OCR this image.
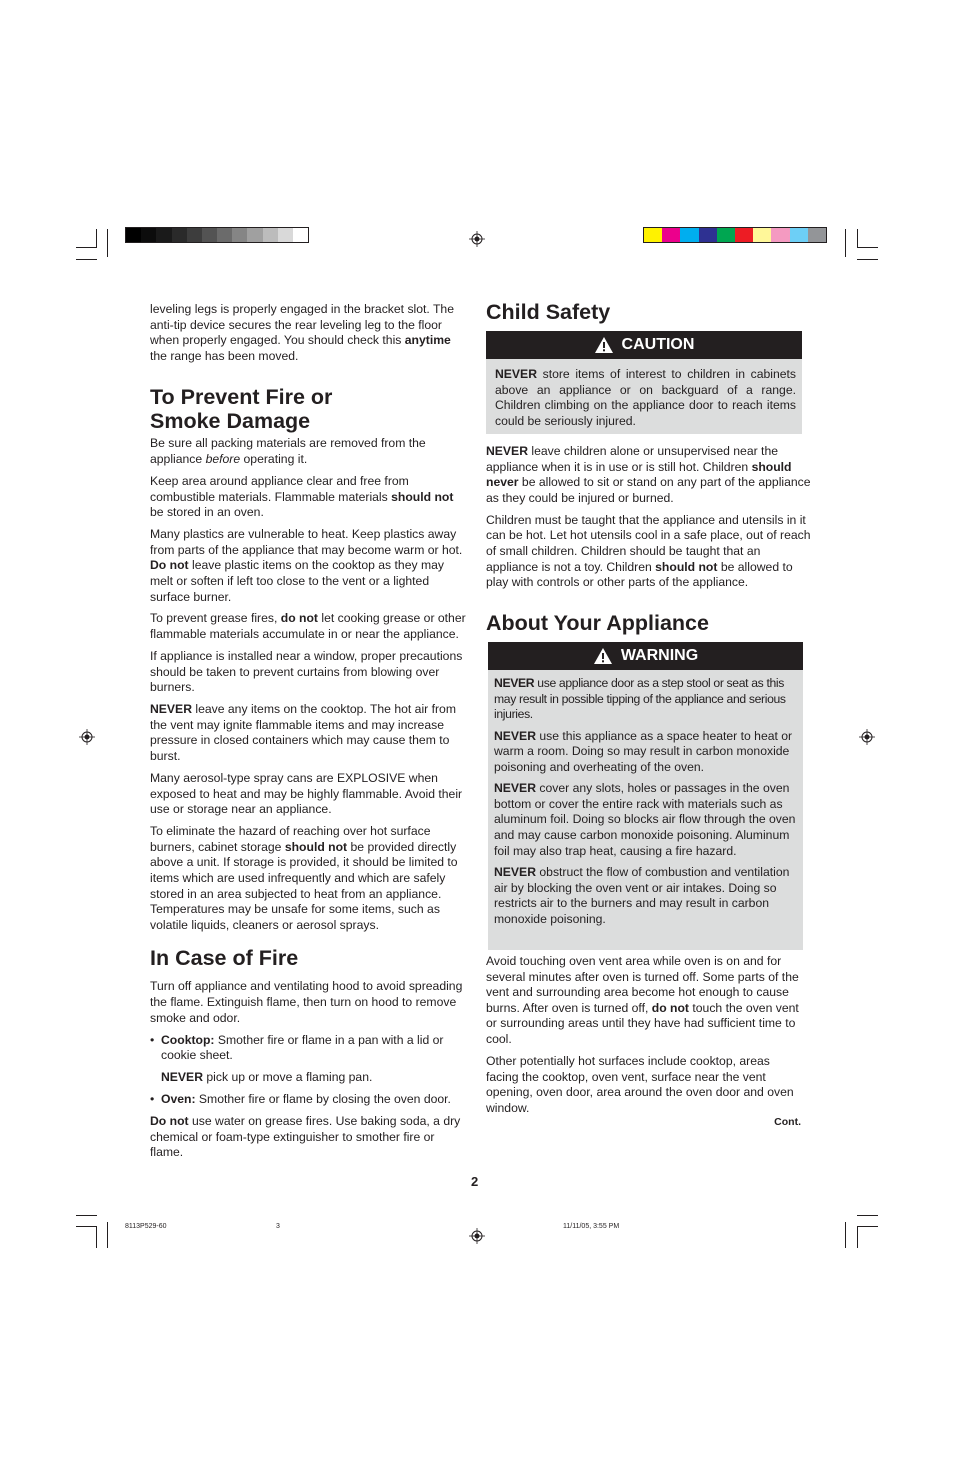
leveling legs is properly engaged in the bracket slot. The anti-tip device secures the rear leveling leg to the floor when properly engaged. You should check this anytime the range has been moved.

To Prevent Fire or
Smoke Damage

Be sure all packing materials are removed from the appliance before operating it.

Keep area around appliance clear and free from combustible materials. Flammable materials should not be stored in an oven.

Many plastics are vulnerable to heat. Keep plastics away from parts of the appliance that may become warm or hot. Do not leave plastic items on the cooktop as they may melt or soften if left too close to the vent or a lighted surface burner.

To prevent grease fires, do not let cooking grease or other flammable materials accumulate in or near the appliance.

If appliance is installed near a window, proper precautions should be taken to prevent curtains from blowing over burners.

NEVER leave any items on the cooktop. The hot air from the vent may ignite flammable items and may increase pressure in closed containers which may cause them to burst.

Many aerosol-type spray cans are EXPLOSIVE when exposed to heat and may be highly flammable. Avoid their use or storage near an appliance.

To eliminate the hazard of reaching over hot surface burners, cabinet storage should not be provided directly above a unit. If storage is provided, it should be limited to items which are used infrequently and which are safely stored in an area subjected to heat from an appliance. Temperatures may be unsafe for some items, such as volatile liquids, cleaners or aerosol sprays.

In Case of Fire

Turn off appliance and ventilating hood to avoid spreading the flame. Extinguish flame, then turn on hood to remove smoke and odor.

• Cooktop: Smother fire or flame in a pan with a lid or cookie sheet.

NEVER pick up or move a flaming pan.

• Oven: Smother fire or flame by closing the oven door.

Do not use water on grease fires. Use baking soda, a dry chemical or foam-type extinguisher to smother fire or flame.

Child Safety
CAUTION

NEVER store items of interest to children in cabinets above an appliance or on backguard of a range. Children climbing on the appliance door to reach items could be seriously injured.

NEVER leave children alone or unsupervised near the appliance when it is in use or is still hot. Children should never be allowed to sit or stand on any part of the appliance as they could be injured or burned.

Children must be taught that the appliance and utensils in it can be hot. Let hot utensils cool in a safe place, out of reach of small children. Children should be taught that an appliance is not a toy. Children should not be allowed to play with controls or other parts of the appliance.

About Your Appliance
WARNING

NEVER use appliance door as a step stool or seat as this may result in possible tipping of the appliance and serious injuries.

NEVER use this appliance as a space heater to heat or warm a room. Doing so may result in carbon monoxide poisoning and overheating of the oven.

NEVER cover any slots, holes or passages in the oven bottom or cover the entire rack with materials such as aluminum foil. Doing so blocks air flow through the oven and may cause carbon monoxide poisoning. Aluminum foil may also trap heat, causing a fire hazard.

NEVER obstruct the flow of combustion and ventilation air by blocking the oven vent or air intakes. Doing so restricts air to the burners and may result in carbon monoxide poisoning.

Avoid touching oven vent area while oven is on and for several minutes after oven is turned off. Some parts of the vent and surrounding area become hot enough to cause burns. After oven is turned off, do not touch the oven vent or surrounding areas until they have had sufficient time to cool.

Other potentially hot surfaces include cooktop, areas facing the cooktop, oven vent, surface near the vent opening, oven door, area around the oven door and oven window.

Cont.
2
8113P529-60	3	11/11/05, 3:55 PM
